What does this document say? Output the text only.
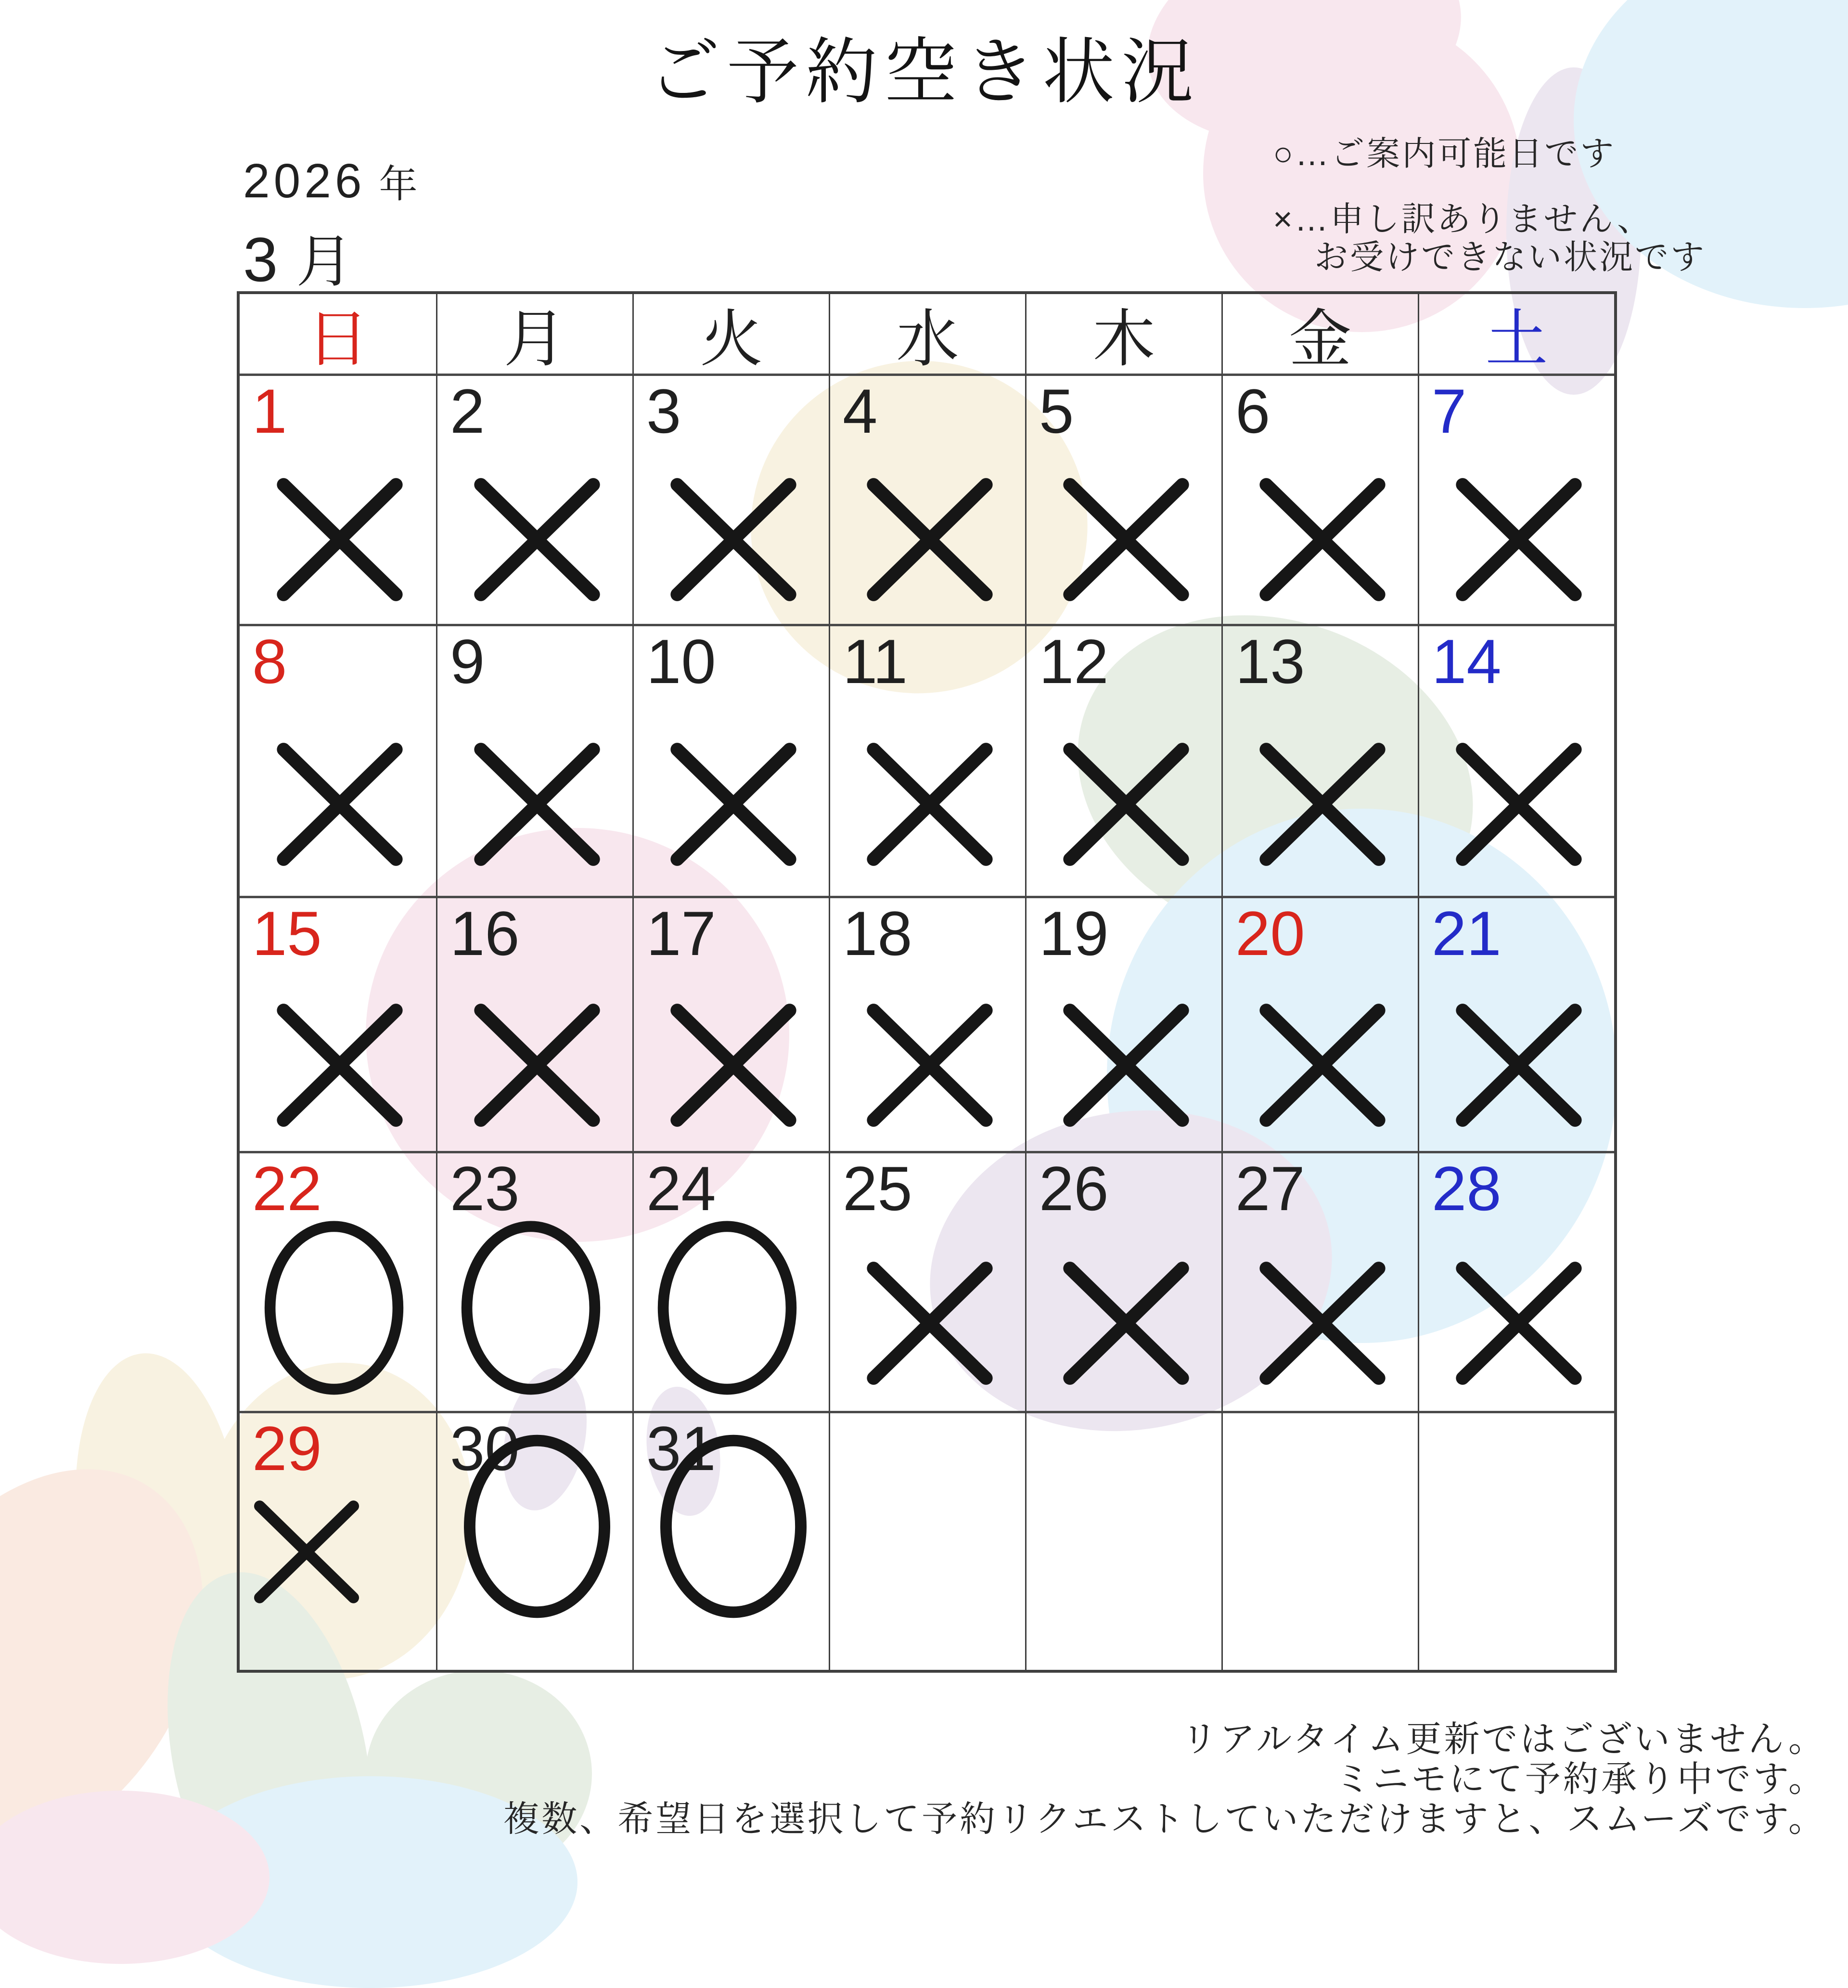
ご予約空き状況
2026 年
3 月
○…ご案内可能日です
×…申し訳ありません、
お受けできない状況です
日	月	火	水	木	金	土
1	2	3	4	5	6	7
8	9	10 11 12 13 14
15 16 17 18 19 20 21
22 23 24 25 26 27 28
29 30 31
リアルタイム更新ではございません。
ミニモにて予約承り中です。
複数、希望日を選択して予約リクエストしていただけますと、スムーズです。
